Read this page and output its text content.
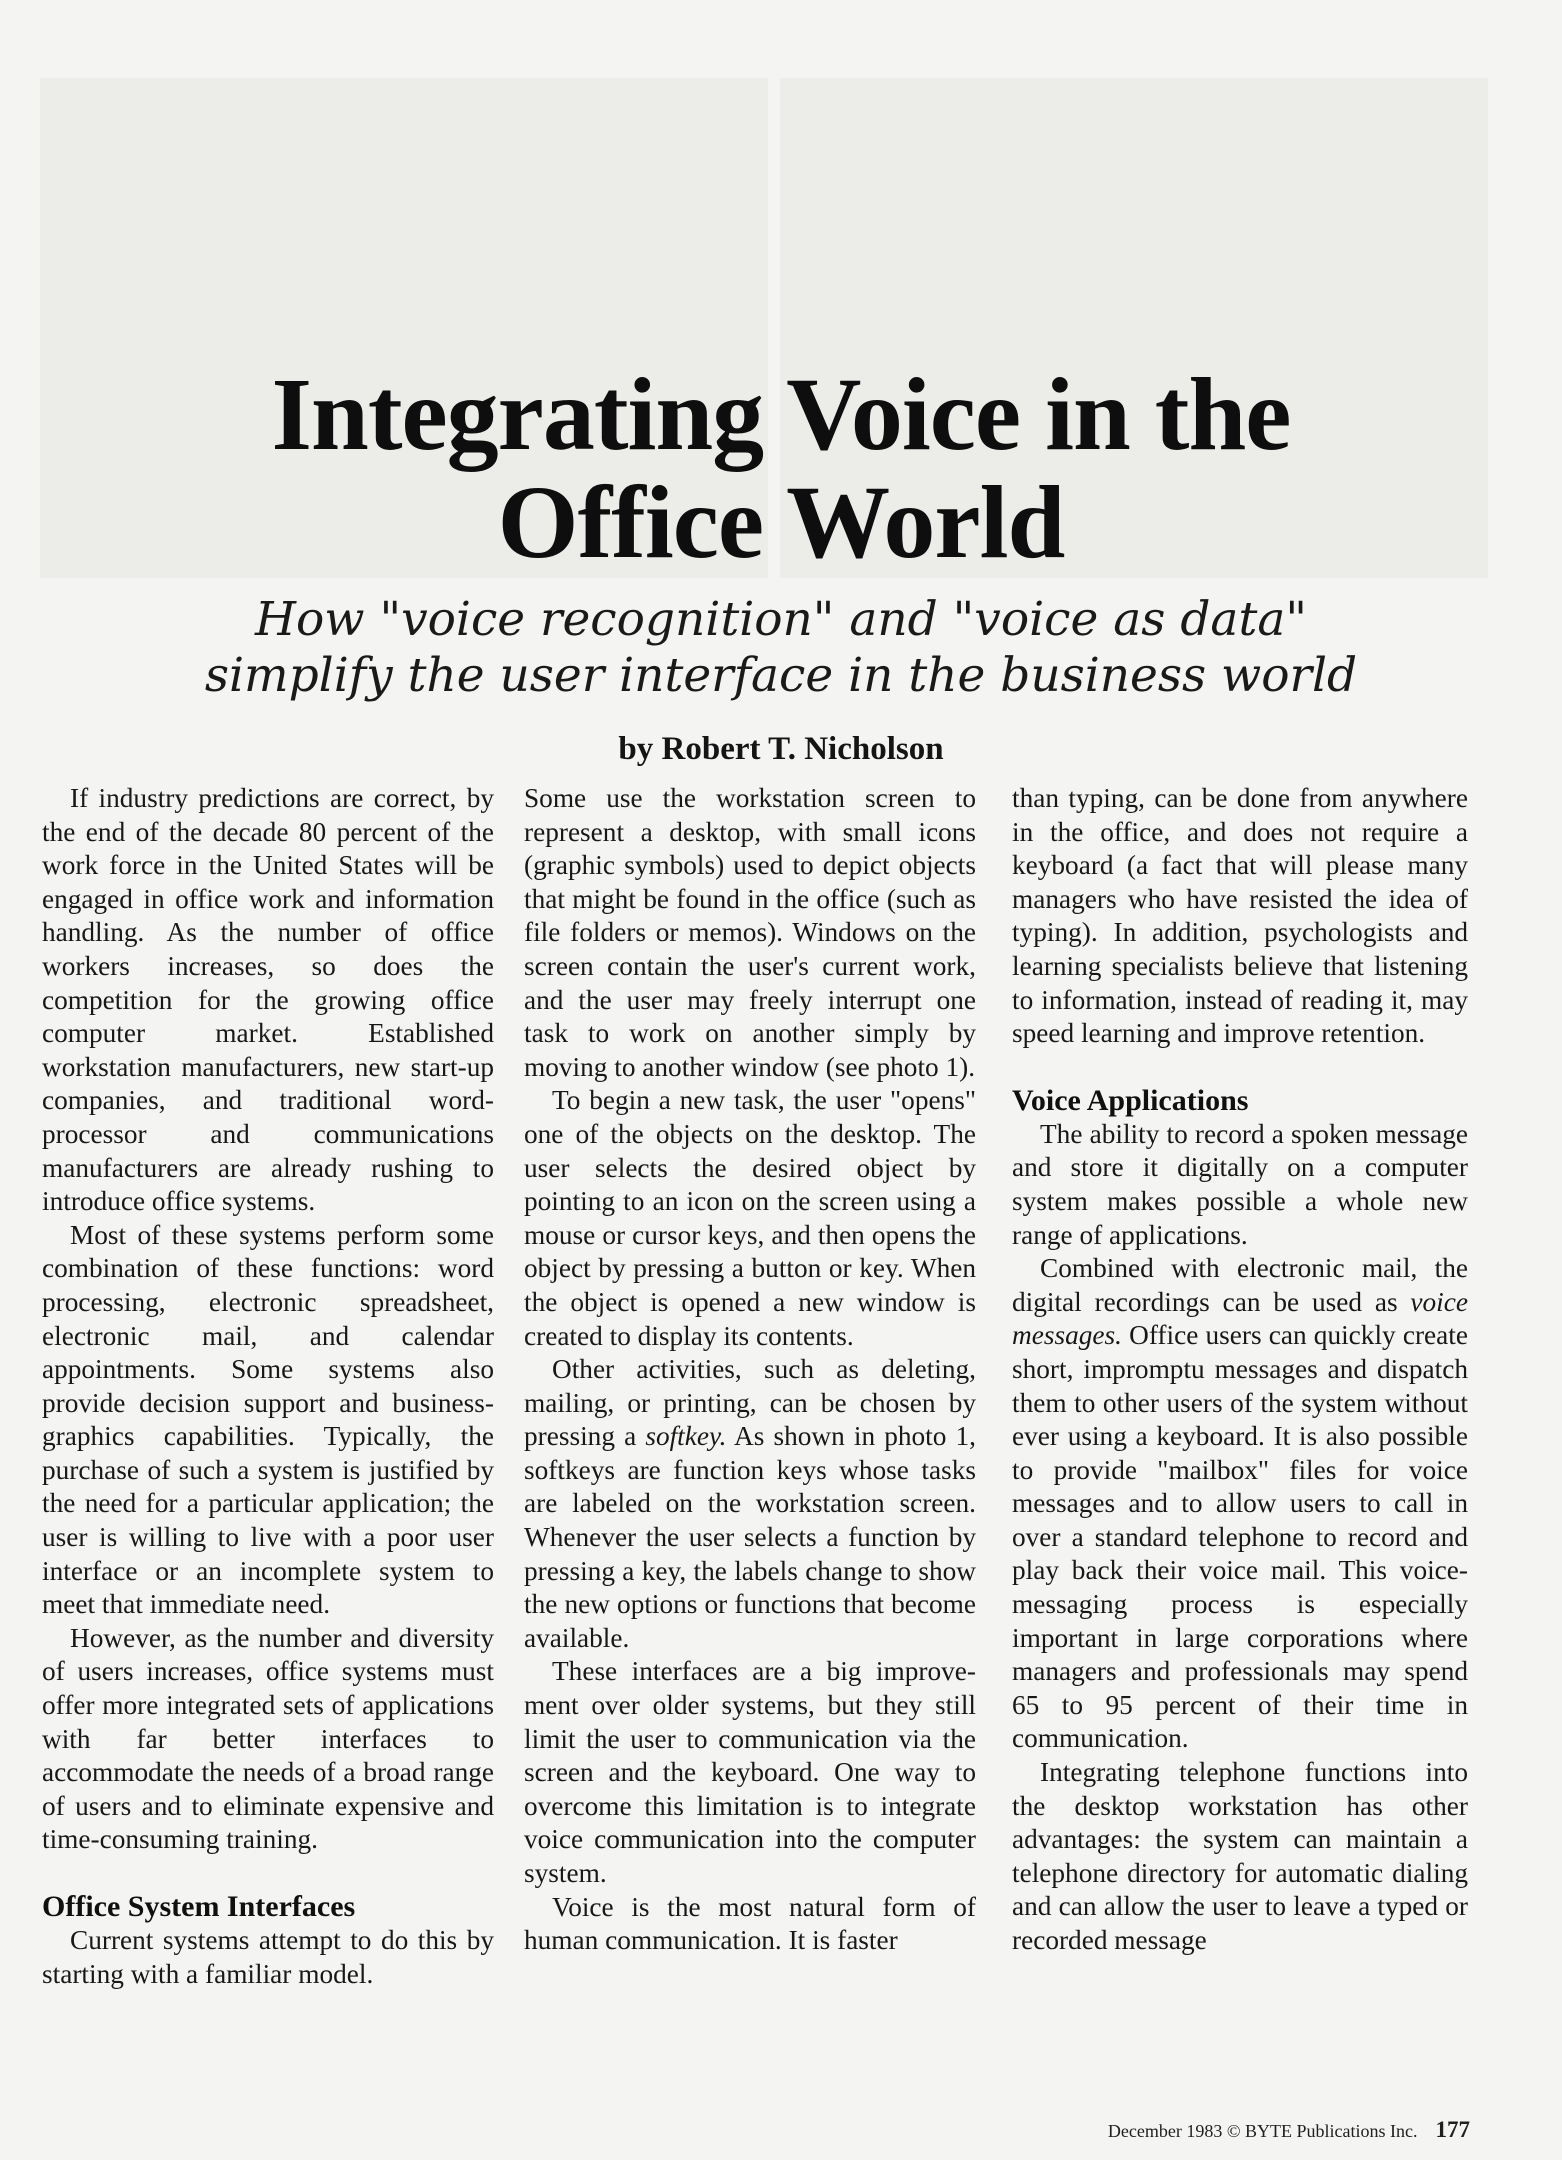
Integrating Voice in the
Office World
How "voice recognition" and "voice as data"
simplify the user interface in the business world
by Robert T. Nicholson

If industry predictions are correct, by the end of the decade 80 percent of the work force in the United States will be engaged in office work and information handling. As the number of office workers increases, so does the competition for the growing office computer market. Established workstation manufacturers, new start-up companies, and traditional word-processor and communications manufacturers are already rushing to introduce office systems.

Most of these systems perform some combination of these functions: word processing, electronic spreadsheet, electronic mail, and calendar appointments. Some systems also provide decision support and business-graphics capabilities. Typically, the purchase of such a system is justified by the need for a particular application; the user is willing to live with a poor user interface or an incomplete system to meet that immediate need.

However, as the number and diversity of users increases, office systems must offer more integrated sets of applications with far better interfaces to accommodate the needs of a broad range of users and to eliminate expensive and time-consuming training.

Office System Interfaces

Current systems attempt to do this by starting with a familiar model.

Some use the workstation screen to represent a desktop, with small icons (graphic symbols) used to depict objects that might be found in the office (such as file folders or memos). Windows on the screen contain the user's current work, and the user may freely interrupt one task to work on another simply by moving to another window (see photo 1).

To begin a new task, the user "opens" one of the objects on the desktop. The user selects the desired object by pointing to an icon on the screen using a mouse or cursor keys, and then opens the object by pressing a button or key. When the object is opened a new window is created to display its contents.

Other activities, such as deleting, mailing, or printing, can be chosen by pressing a softkey. As shown in photo 1, softkeys are function keys whose tasks are labeled on the workstation screen. Whenever the user selects a function by pressing a key, the labels change to show the new options or functions that become available.

These interfaces are a big improvement over older systems, but they still limit the user to communication via the screen and the keyboard. One way to overcome this limitation is to integrate voice communication into the computer system.

Voice is the most natural form of human communication. It is faster

than typing, can be done from anywhere in the office, and does not require a keyboard (a fact that will please many managers who have resisted the idea of typing). In addition, psychologists and learning specialists believe that listening to information, instead of reading it, may speed learning and improve retention.

Voice Applications

The ability to record a spoken message and store it digitally on a computer system makes possible a whole new range of applications.

Combined with electronic mail, the digital recordings can be used as voice messages. Office users can quickly create short, impromptu messages and dispatch them to other users of the system without ever using a keyboard. It is also possible to provide "mailbox" files for voice messages and to allow users to call in over a standard telephone to record and play back their voice mail. This voice-messaging process is especially important in large corporations where managers and professionals may spend 65 to 95 percent of their time in communication.

Integrating telephone functions into the desktop workstation has other advantages: the system can maintain a telephone directory for automatic dialing and can allow the user to leave a typed or recorded message

December 1983 © BYTE Publications Inc. 177
